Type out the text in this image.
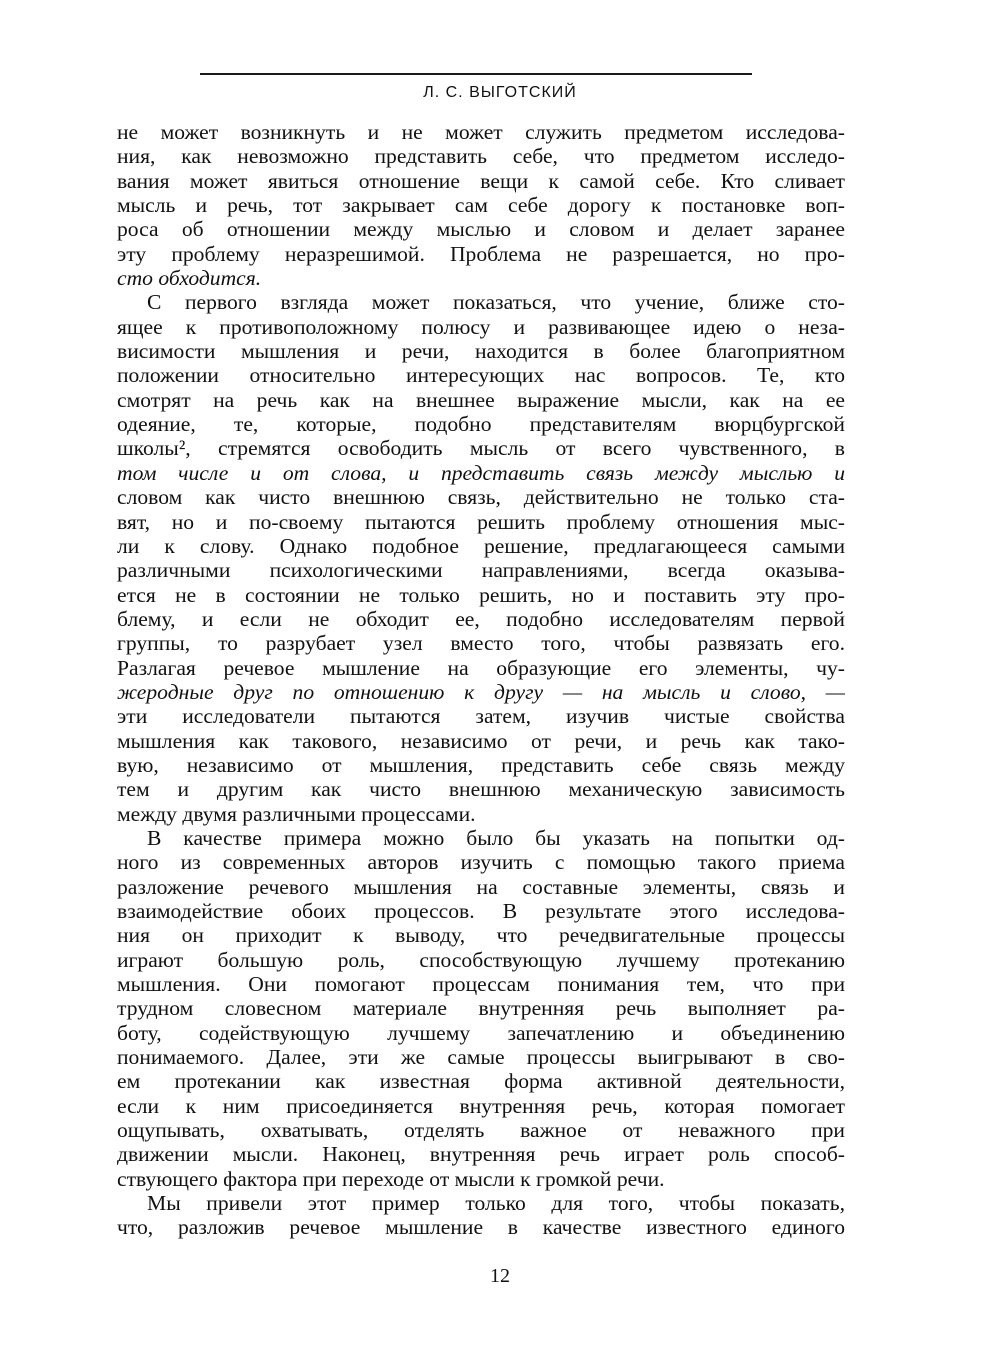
Л. С. ВЫГОТСКИЙ
не может возникнуть и не может служить предметом исследова-
ния, как невозможно представить себе, что предметом исследо-
вания может явиться отношение вещи к самой себе. Кто сливает
мысль и речь, тот закрывает сам себе дорогу к постановке воп-
роса об отношении между мыслью и словом и делает заранее
эту проблему неразрешимой. Проблема не разрешается, но про-
сто обходится.
С первого взгляда может показаться, что учение, ближе сто-
ящее к противоположному полюсу и развивающее идею о неза-
висимости мышления и речи, находится в более благоприятном
положении относительно интересующих нас вопросов. Те, кто
смотрят на речь как на внешнее выражение мысли, как на ее
одеяние, те, которые, подобно представителям вюрцбургской
школы², стремятся освободить мысль от всего чувственного, в
том числе и от слова, и представить связь между мыслью и
словом как чисто внешнюю связь, действительно не только ста-
вят, но и по-своему пытаются решить проблему отношения мыс-
ли к слову. Однако подобное решение, предлагающееся самыми
различными психологическими направлениями, всегда оказыва-
ется не в состоянии не только решить, но и поставить эту про-
блему, и если не обходит ее, подобно исследователям первой
группы, то разрубает узел вместо того, чтобы развязать его.
Разлагая речевое мышление на образующие его элементы, чу-
жеродные друг по отношению к другу — на мысль и слово, —
эти исследователи пытаются затем, изучив чистые свойства
мышления как такового, независимо от речи, и речь как тако-
вую, независимо от мышления, представить себе связь между
тем и другим как чисто внешнюю механическую зависимость
между двумя различными процессами.
В качестве примера можно было бы указать на попытки од-
ного из современных авторов изучить с помощью такого приема
разложение речевого мышления на составные элементы, связь и
взаимодействие обоих процессов. В результате этого исследова-
ния он приходит к выводу, что речедвигательные процессы
играют большую роль, способствующую лучшему протеканию
мышления. Они помогают процессам понимания тем, что при
трудном словесном материале внутренняя речь выполняет ра-
боту, содействующую лучшему запечатлению и объединению
понимаемого. Далее, эти же самые процессы выигрывают в сво-
ем протекании как известная форма активной деятельности,
если к ним присоединяется внутренняя речь, которая помогает
ощупывать, охватывать, отделять важное от неважного при
движении мысли. Наконец, внутренняя речь играет роль способ-
ствующего фактора при переходе от мысли к громкой речи.
Мы привели этот пример только для того, чтобы показать,
что, разложив речевое мышление в качестве известного единого
12
